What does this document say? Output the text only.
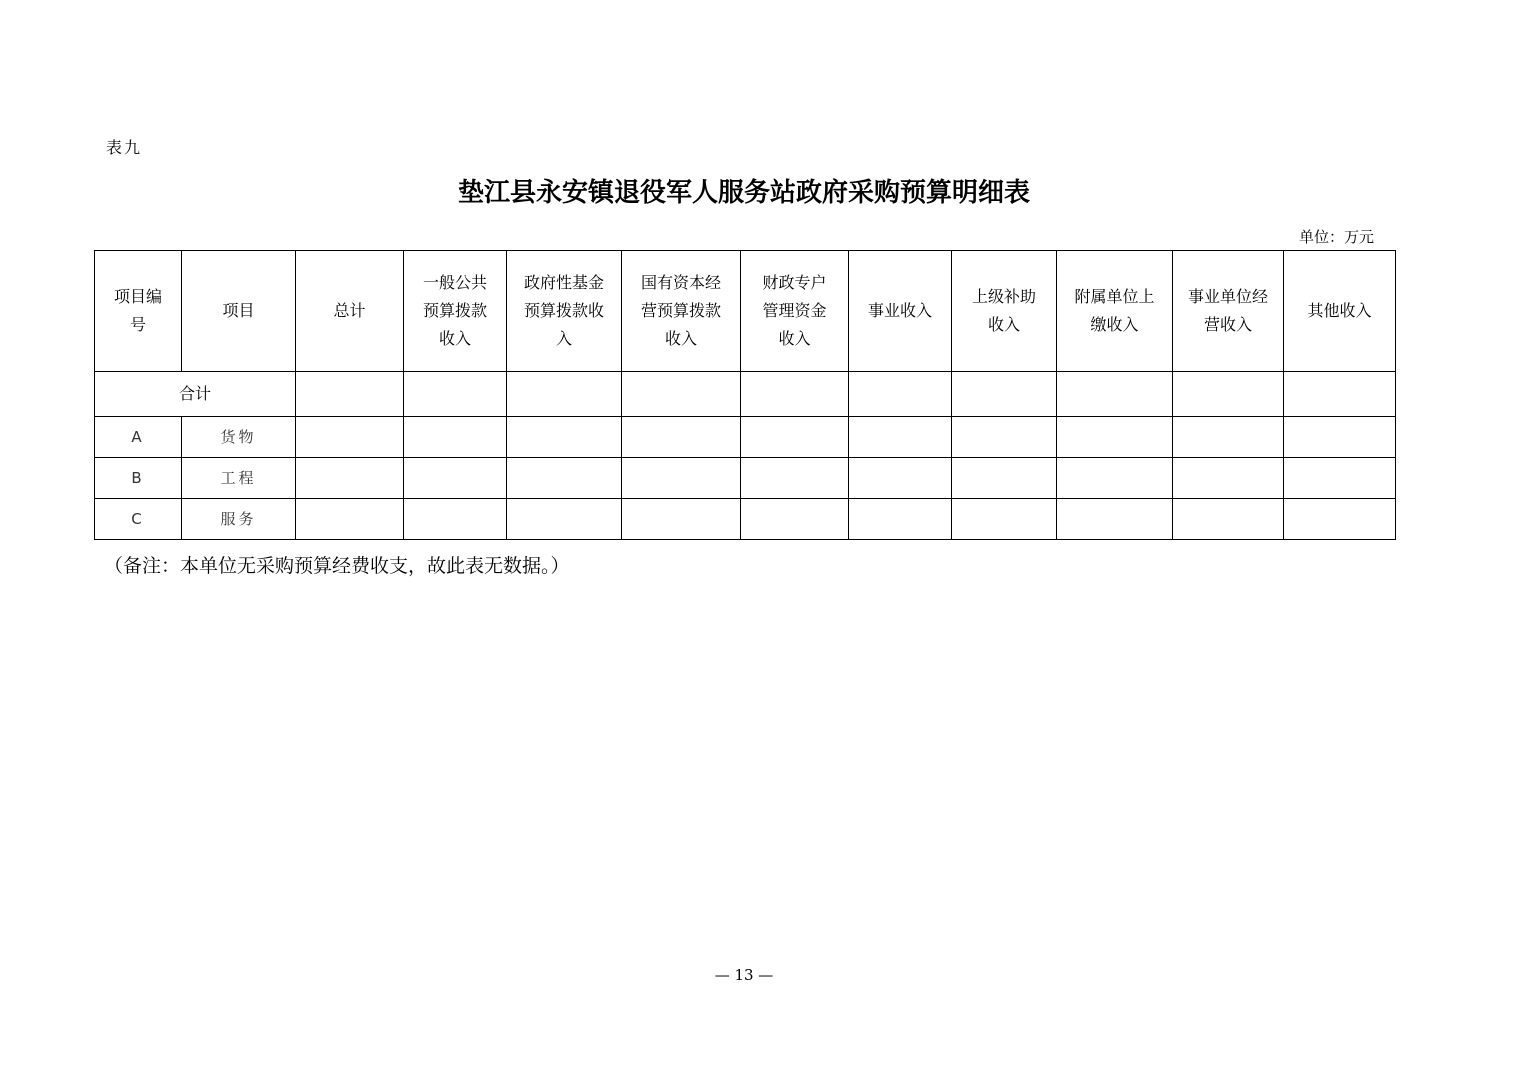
表九
垫江县永安镇退役军人服务站政府采购预算明细表
单位：万元
项目编号	项目	总计	一般公共预算拨款收入	政府性基金预算拨款收入	国有资本经营预算拨款收入	财政专户管理资金收入	事业收入	上级补助收入	附属单位上缴收入	事业单位经营收入	其他收入
合计											
A	货物										
B	工程										
C	服务										
（备注：本单位无采购预算经费收支，故此表无数据。）
— 13 —
